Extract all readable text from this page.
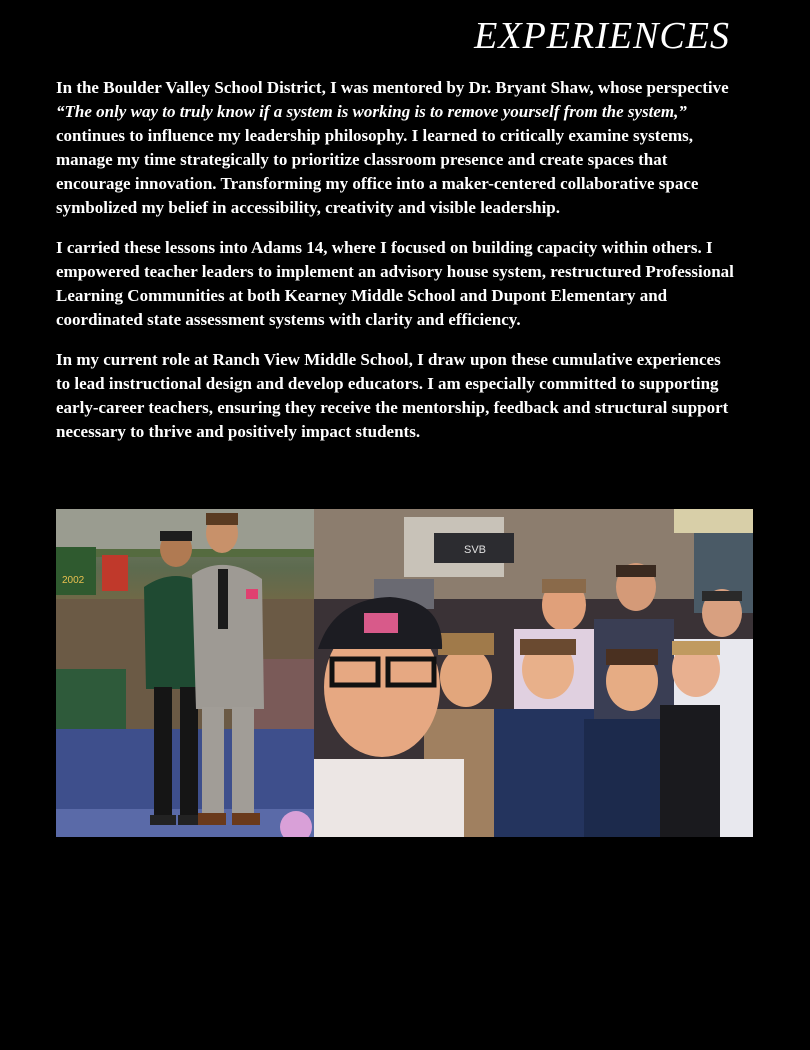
EXPERIENCES

In the Boulder Valley School District, I was mentored by Dr. Bryant Shaw, whose perspective “The only way to truly know if a system is working is to remove yourself from the system,” continues to influence my leadership philosophy. I learned to critically examine systems, manage my time strategically to prioritize classroom presence and create spaces that encourage innovation. Transforming my office into a maker-centered collaborative space symbolized my belief in accessibility, creativity and visible leadership.

I carried these lessons into Adams 14, where I focused on building capacity within others. I empowered teacher leaders to implement an advisory house system, restructured Professional Learning Communities at both Kearney Middle School and Dupont Elementary and coordinated state assessment systems with clarity and efficiency.

In my current role at Ranch View Middle School, I draw upon these cumulative experiences to lead instructional design and develop educators. I am especially committed to supporting early-career teachers, ensuring they receive the mentorship, feedback and structural support necessary to thrive and positively impact students.

2002
SVB
